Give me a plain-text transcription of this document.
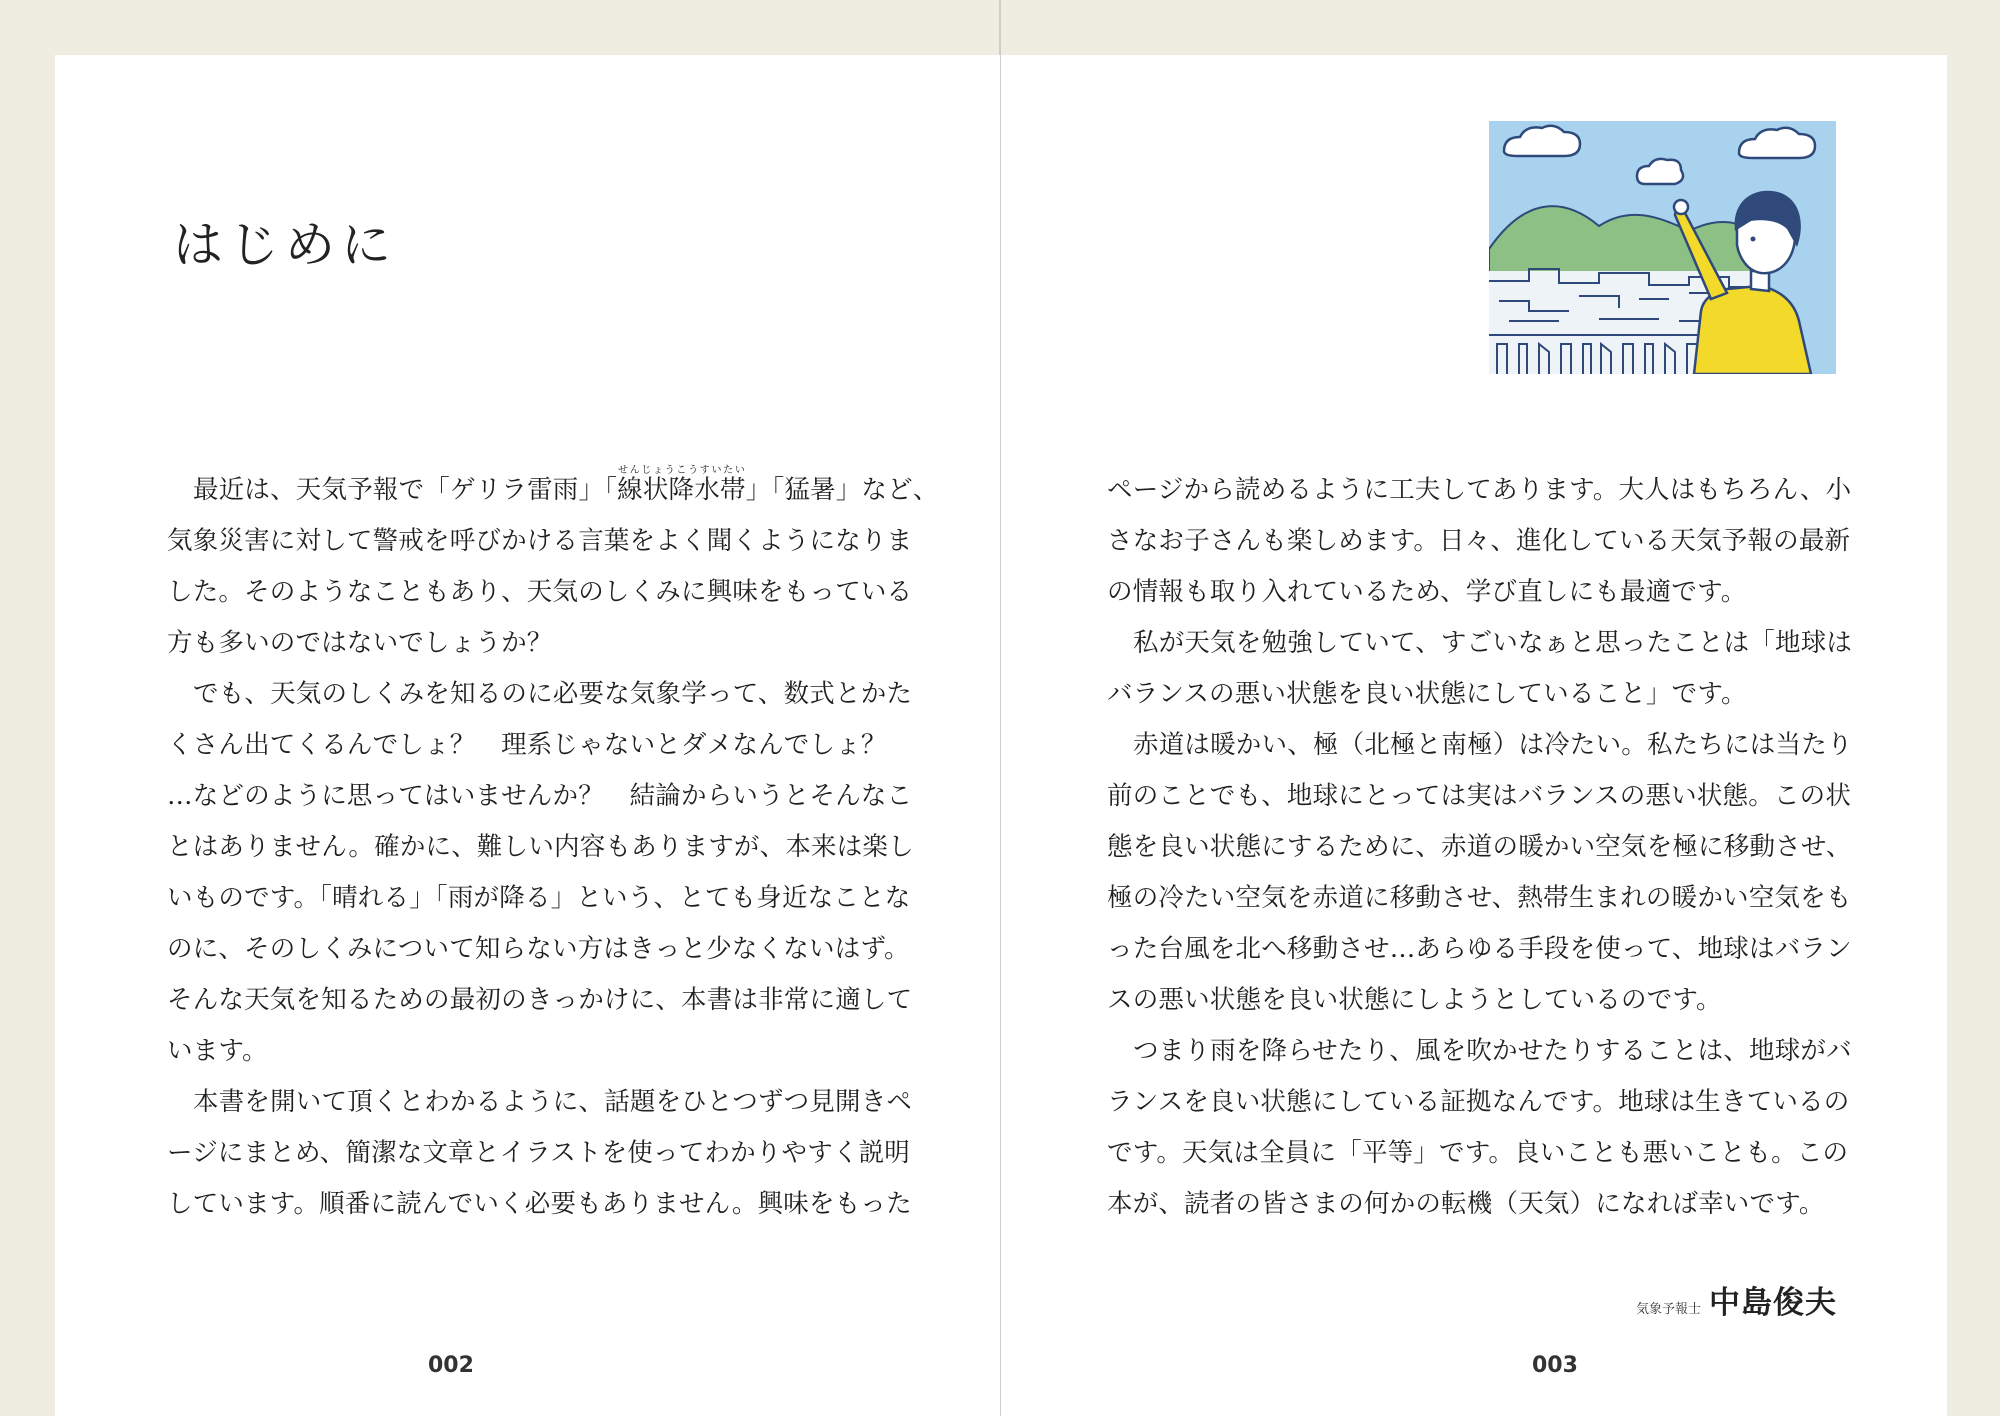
はじめに
最近は、天気予報で「ゲリラ雷雨」「線状降水帯せんじょうこうすいたい」「猛暑」など、
気象災害に対して警戒を呼びかける言葉をよく聞くようになりま
した。そのようなこともあり、天気のしくみに興味をもっている
方も多いのではないでしょうか？
でも、天気のしくみを知るのに必要な気象学って、数式とかた
くさん出てくるんでしょ？　理系じゃないとダメなんでしょ？
…などのように思ってはいませんか？　結論からいうとそんなこ
とはありません。確かに、難しい内容もありますが、本来は楽し
いものです。「晴れる」「雨が降る」という、とても身近なことな
のに、そのしくみについて知らない方はきっと少なくないはず。
そんな天気を知るための最初のきっかけに、本書は非常に適して
います。
本書を開いて頂くとわかるように、話題をひとつずつ見開きペ
ージにまとめ、簡潔な文章とイラストを使ってわかりやすく説明
しています。順番に読んでいく必要もありません。興味をもった
002
ページから読めるように工夫してあります。大人はもちろん、小
さなお子さんも楽しめます。日々、進化している天気予報の最新
の情報も取り入れているため、学び直しにも最適です。
私が天気を勉強していて、すごいなぁと思ったことは「地球は
バランスの悪い状態を良い状態にしていること」です。
赤道は暖かい、極（北極と南極）は冷たい。私たちには当たり
前のことでも、地球にとっては実はバランスの悪い状態。この状
態を良い状態にするために、赤道の暖かい空気を極に移動させ、
極の冷たい空気を赤道に移動させ、熱帯生まれの暖かい空気をも
った台風を北へ移動させ…あらゆる手段を使って、地球はバラン
スの悪い状態を良い状態にしようとしているのです。
つまり雨を降らせたり、風を吹かせたりすることは、地球がバ
ランスを良い状態にしている証拠なんです。地球は生きているの
です。天気は全員に「平等」です。良いことも悪いことも。この
本が、読者の皆さまの何かの転機（天気）になれば幸いです。
気象予報士 中島俊夫
003
